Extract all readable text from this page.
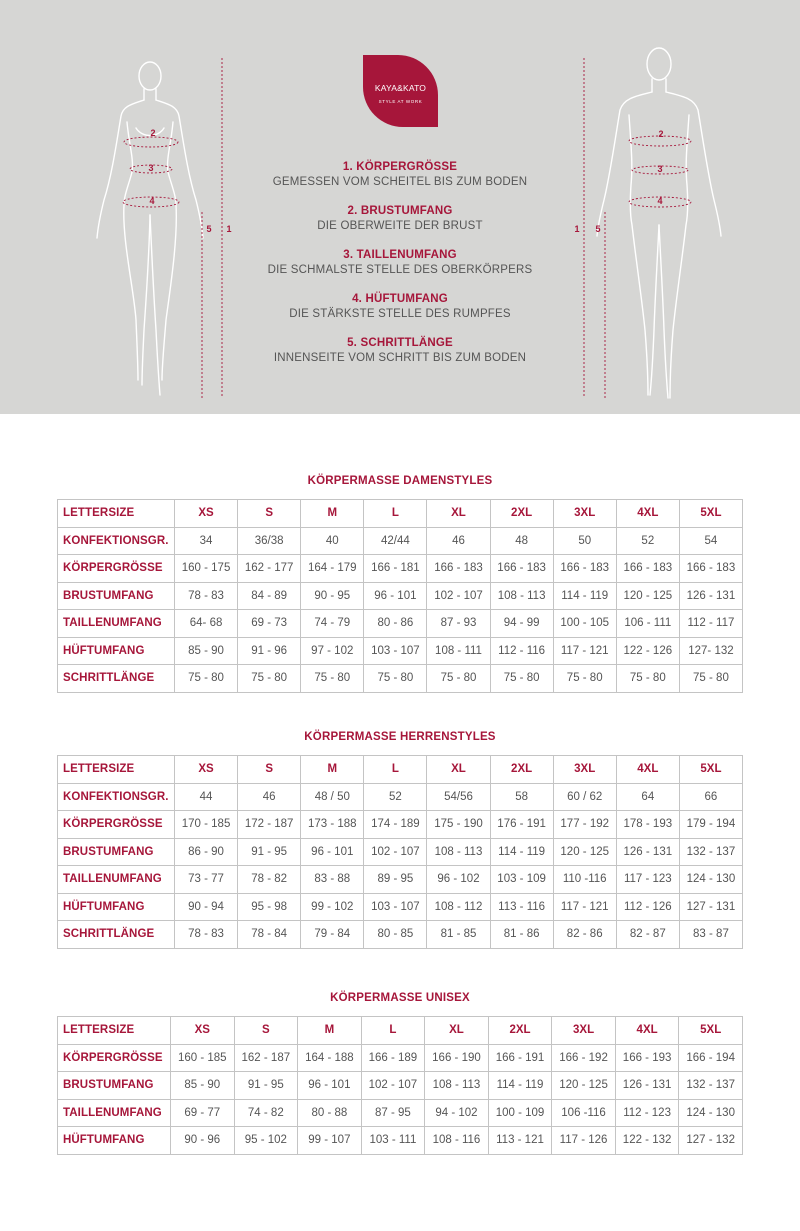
2
3
4
5 1
2
3
4
1 5
KAYA&KATO
STYLE AT WORK
1. KÖRPERGRÖSSE
GEMESSEN VOM SCHEITEL BIS ZUM BODEN
2. BRUSTUMFANG
DIE OBERWEITE DER BRUST
3. TAILLENUMFANG
DIE SCHMALSTE STELLE DES OBERKÖRPERS
4. HÜFTUMFANG
DIE STÄRKSTE STELLE DES RUMPFES
5. SCHRITTLÄNGE
INNENSEITE VOM SCHRITT BIS ZUM BODEN
KÖRPERMASSE DAMENSTYLES
LETTERSIZE	XS	S	M	L	XL	2XL	3XL	4XL	5XL
KONFEKTIONSGR.	34	36/38	40	42/44	46	48	50	52	54
KÖRPERGRÖSSE	160 - 175	162 - 177	164 - 179	166 - 181	166 - 183	166 - 183	166 - 183	166 - 183	166 - 183
BRUSTUMFANG	78 - 83	84 - 89	90 - 95	96 - 101	102 - 107	108 - 113	114 - 119	120 - 125	126 - 131
TAILLENUMFANG	64- 68	69 - 73	74 - 79	80 - 86	87 - 93	94 - 99	100 - 105	106 - 111	112 - 117
HÜFTUMFANG	85 - 90	91 - 96	97 - 102	103 - 107	108 - 111	112 - 116	117 - 121	122 - 126	127- 132
SCHRITTLÄNGE	75 - 80	75 - 80	75 - 80	75 - 80	75 - 80	75 - 80	75 - 80	75 - 80	75 - 80
KÖRPERMASSE HERRENSTYLES
LETTERSIZE	XS	S	M	L	XL	2XL	3XL	4XL	5XL
KONFEKTIONSGR.	44	46	48 / 50	52	54/56	58	60 / 62	64	66
KÖRPERGRÖSSE	170 - 185	172 - 187	173 - 188	174 - 189	175 - 190	176 - 191	177 - 192	178 - 193	179 - 194
BRUSTUMFANG	86 - 90	91 - 95	96 - 101	102 - 107	108 - 113	114 - 119	120 - 125	126 - 131	132 - 137
TAILLENUMFANG	73 - 77	78 - 82	83 - 88	89 - 95	96 - 102	103 - 109	110 -116	117 - 123	124 - 130
HÜFTUMFANG	90 - 94	95 - 98	99 - 102	103 - 107	108 - 112	113 - 116	117 - 121	112 - 126	127 - 131
SCHRITTLÄNGE	78 - 83	78 - 84	79 - 84	80 - 85	81 - 85	81 - 86	82 - 86	82 - 87	83 - 87
KÖRPERMASSE UNISEX
LETTERSIZE	XS	S	M	L	XL	2XL	3XL	4XL	5XL
KÖRPERGRÖSSE	160 - 185	162 - 187	164 - 188	166 - 189	166 - 190	166 - 191	166 - 192	166 - 193	166 - 194
BRUSTUMFANG	85 - 90	91 - 95	96 - 101	102 - 107	108 - 113	114 - 119	120 - 125	126 - 131	132 - 137
TAILLENUMFANG	69 - 77	74 - 82	80 - 88	87 - 95	94 - 102	100 - 109	106 -116	112 - 123	124 - 130
HÜFTUMFANG	90 - 96	95 - 102	99 - 107	103 - 111	108 - 116	113 - 121	117 - 126	122 - 132	127 - 132
